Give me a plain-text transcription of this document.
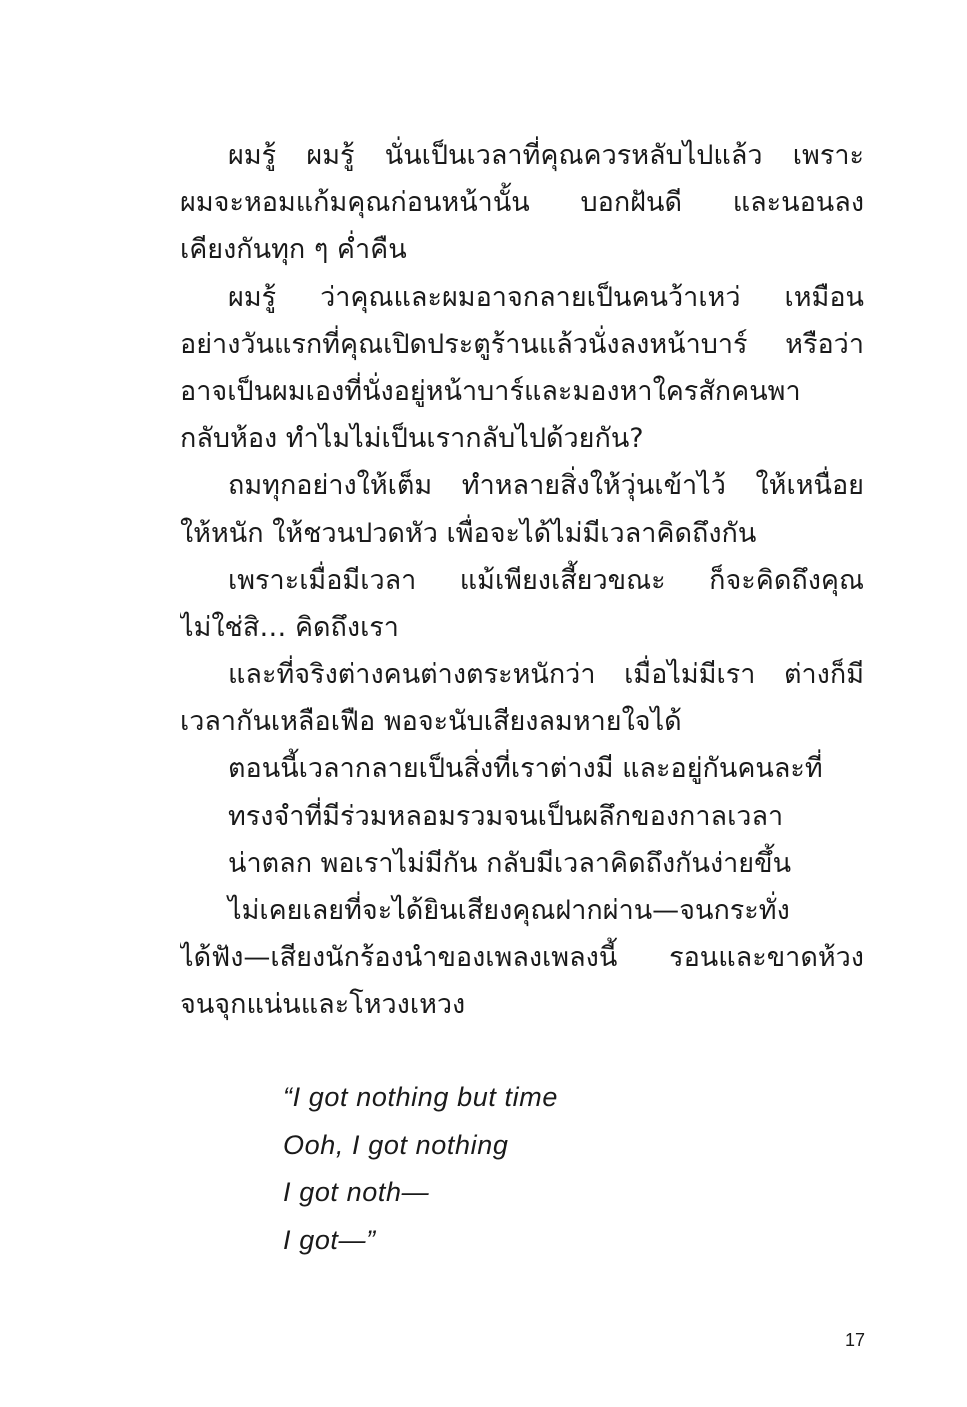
ผมรู้ ผมรู้ นั่นเป็นเวลาที่คุณควรหลับไปแล้ว เพราะ
ผมจะหอมแก้มคุณก่อนหน้านั้น บอกฝันดี และนอนลง
เคียงกันทุก ๆ ค่ำคืน
ผมรู้ ว่าคุณและผมอาจกลายเป็นคนว้าเหว่ เหมือน
อย่างวันแรกที่คุณเปิดประตูร้านแล้วนั่งลงหน้าบาร์ หรือว่า
อาจเป็นผมเองที่นั่งอยู่หน้าบาร์และมองหาใครสักคนพา
กลับห้อง ทำไมไม่เป็นเรากลับไปด้วยกัน?
ถมทุกอย่างให้เต็ม ทำหลายสิ่งให้วุ่นเข้าไว้ ให้เหนื่อย
ให้หนัก ให้ชวนปวดหัว เพื่อจะได้ไม่มีเวลาคิดถึงกัน
เพราะเมื่อมีเวลา แม้เพียงเสี้ยวขณะ ก็จะคิดถึงคุณ
ไม่ใช่สิ… คิดถึงเรา
และที่จริงต่างคนต่างตระหนักว่า เมื่อไม่มีเรา ต่างก็มี
เวลากันเหลือเฟือ พอจะนับเสียงลมหายใจได้
ตอนนี้เวลากลายเป็นสิ่งที่เราต่างมี และอยู่กันคนละที่
ทรงจำที่มีร่วมหลอมรวมจนเป็นผลึกของกาลเวลา
น่าตลก พอเราไม่มีกัน กลับมีเวลาคิดถึงกันง่ายขึ้น
ไม่เคยเลยที่จะได้ยินเสียงคุณฝากผ่าน—จนกระทั่ง
ได้ฟัง—เสียงนักร้องนำของเพลงเพลงนี้ รอนและขาดห้วง
จนจุกแน่นและโหวงเหวง
“I got nothing but time
Ooh, I got nothing
I got noth—
I got—”
17
